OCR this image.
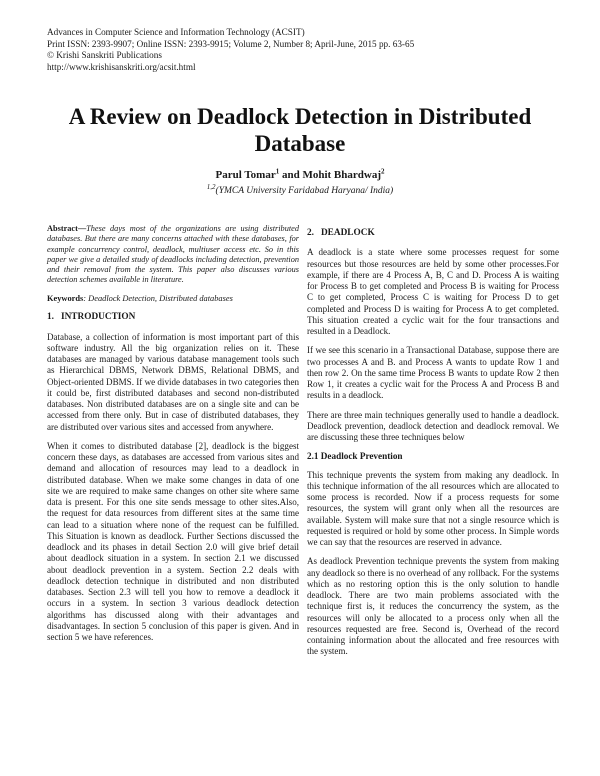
Advances in Computer Science and Information Technology (ACSIT)
Print ISSN: 2393-9907; Online ISSN: 2393-9915; Volume 2, Number 8; April-June, 2015 pp. 63-65
© Krishi Sanskriti Publications
http://www.krishisanskriti.org/acsit.html
A Review on Deadlock Detection in Distributed Database
Parul Tomar$^1$ and Mohit Bhardwaj$^2$
$^{1,2}$(YMCA University Faridabad Haryana/ India)

Abstract—These days most of the organizations are using distributed databases. But there are many concerns attached with these databases, for example concurrency control, deadlock, multiuser access etc. So in this paper we give a detailed study of deadlocks including detection, prevention and their removal from the system. This paper also discusses various detection schemes available in literature.

Keywords: Deadlock Detection, Distributed databases

1. INTRODUCTION

Database, a collection of information is most important part of this software industry. All the big organization relies on it. These databases are managed by various database management tools such as Hierarchical DBMS, Network DBMS, Relational DBMS, and Object-oriented DBMS. If we divide databases in two categories then it could be, first distributed databases and second non-distributed databases. Non distributed databases are on a single site and can be accessed from there only. But in case of distributed databases, they are distributed over various sites and accessed from anywhere.

When it comes to distributed database [2], deadlock is the biggest concern these days, as databases are accessed from various sites and demand and allocation of resources may lead to a deadlock in distributed database. When we make some changes in data of one site we are required to make same changes on other site where same data is present. For this one site sends message to other sites.Also, the request for data resources from different sites at the same time can lead to a situation where none of the request can be fulfilled. This Situation is known as deadlock. Further Sections discussed the deadlock and its phases in detail Section 2.0 will give brief detail about deadlock situation in a system. In section 2.1 we discussed about deadlock prevention in a system. Section 2.2 deals with deadlock detection technique in distributed and non distributed databases. Section 2.3 will tell you how to remove a deadlock it occurs in a system. In section 3 various deadlock detection algorithms has discussed along with their advantages and disadvantages. In section 5 conclusion of this paper is given. And in section 5 we have references.

2. DEADLOCK

A deadlock is a state where some processes request for some resources but those resources are held by some other processes.For example, if there are 4 Process A, B, C and D. Process A is waiting for Process B to get completed and Process B is waiting for Process C to get completed, Process C is waiting for Process D to get completed and Process D is waiting for Process A to get completed. This situation created a cyclic wait for the four transactions and resulted in a Deadlock.

If we see this scenario in a Transactional Database, suppose there are two processes A and B. and Process A wants to update Row 1 and then row 2. On the same time Process B wants to update Row 2 then Row 1, it creates a cyclic wait for the Process A and Process B and results in a deadlock.

There are three main techniques generally used to handle a deadlock. Deadlock prevention, deadlock detection and deadlock removal. We are discussing these three techniques below

2.1 Deadlock Prevention

This technique prevents the system from making any deadlock. In this technique information of the all resources which are allocated to some process is recorded. Now if a process requests for some resources, the system will grant only when all the resources are available. System will make sure that not a single resource which is requested is required or hold by some other process. In Simple words we can say that the resources are reserved in advance.

As deadlock Prevention technique prevents the system from making any deadlock so there is no overhead of any rollback. For the systems which as no restoring option this is the only solution to handle deadlock. There are two main problems associated with the technique first is, it reduces the concurrency the system, as the resources will only be allocated to a process only when all the resources requested are free. Second is, Overhead of the record containing information about the allocated and free resources with the system.
